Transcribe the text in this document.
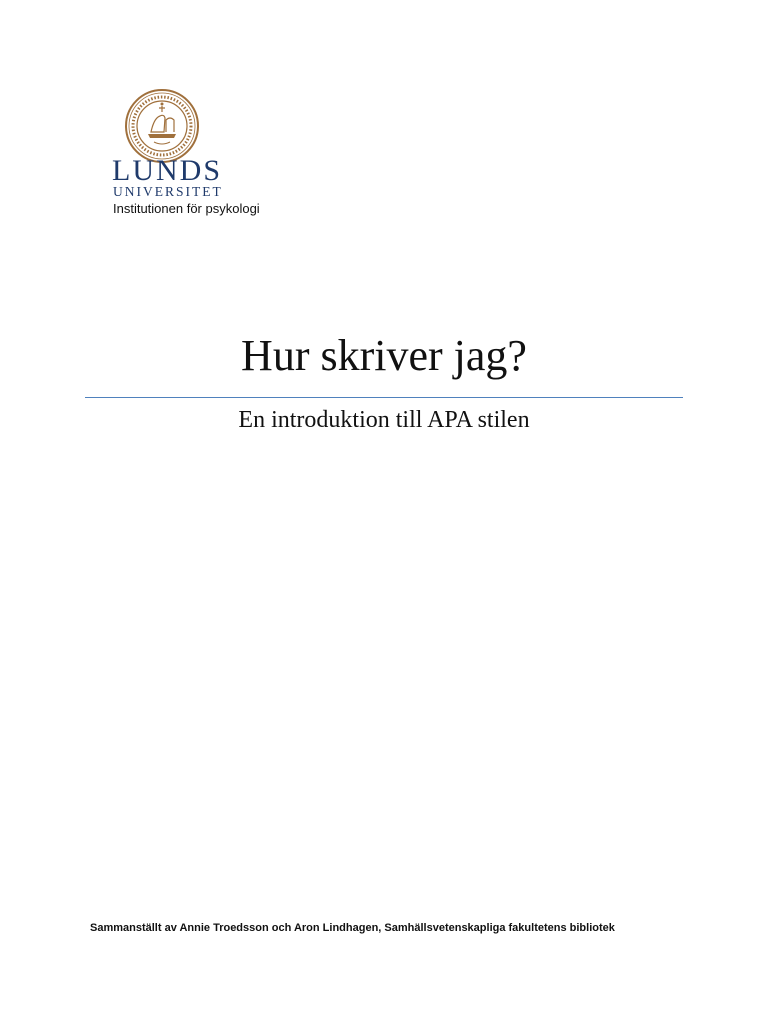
LUNDS
UNIVERSITET
Institutionen för psykologi
Hur skriver jag?
En introduktion till APA stilen
Sammanställt av Annie Troedsson och Aron Lindhagen, Samhällsvetenskapliga fakultetens bibliotek
